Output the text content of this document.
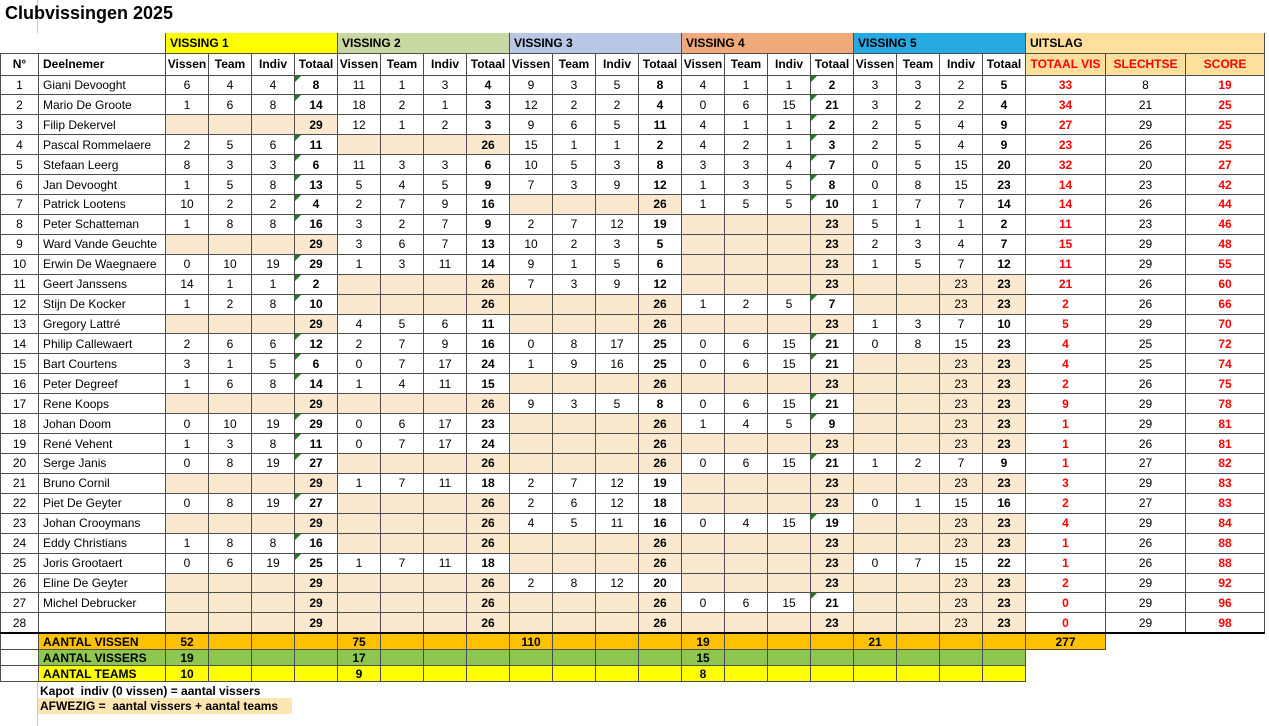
Clubvissingen 2025
		VISSING 1				VISSING 2				VISSING 3				VISSING 4				VISSING 5				UITSLAG		
N°	Deelnemer	Vissen	Team	Indiv	Totaal	Vissen	Team	Indiv	Totaal	Vissen	Team	Indiv	Totaal	Vissen	Team	Indiv	Totaal	Vissen	Team	Indiv	Totaal	TOTAAL VIS	SLECHTSE	SCORE
1	Giani Devooght	6	4	4	8	11	1	3	4	9	3	5	8	4	1	1	2	3	3	2	5	33	8	19
2	Mario De Groote	1	6	8	14	18	2	1	3	12	2	2	4	0	6	15	21	3	2	2	4	34	21	25
3	Filip Dekervel				29	12	1	2	3	9	6	5	11	4	1	1	2	2	5	4	9	27	29	25
4	Pascal Rommelaere	2	5	6	11				26	15	1	1	2	4	2	1	3	2	5	4	9	23	26	25
5	Stefaan Leerg	8	3	3	6	11	3	3	6	10	5	3	8	3	3	4	7	0	5	15	20	32	20	27
6	Jan Devooght	1	5	8	13	5	4	5	9	7	3	9	12	1	3	5	8	0	8	15	23	14	23	42
7	Patrick Lootens	10	2	2	4	2	7	9	16				26	1	5	5	10	1	7	7	14	14	26	44
8	Peter Schatteman	1	8	8	16	3	2	7	9	2	7	12	19				23	5	1	1	2	11	23	46
9	Ward Vande Geuchte				29	3	6	7	13	10	2	3	5				23	2	3	4	7	15	29	48
10	Erwin De Waegnaere	0	10	19	29	1	3	11	14	9	1	5	6				23	1	5	7	12	11	29	55
11	Geert Janssens	14	1	1	2				26	7	3	9	12				23			23	23	21	26	60
12	Stijn De Kocker	1	2	8	10				26				26	1	2	5	7			23	23	2	26	66
13	Gregory Lattré				29	4	5	6	11				26				23	1	3	7	10	5	29	70
14	Philip Callewaert	2	6	6	12	2	7	9	16	0	8	17	25	0	6	15	21	0	8	15	23	4	25	72
15	Bart Courtens	3	1	5	6	0	7	17	24	1	9	16	25	0	6	15	21			23	23	4	25	74
16	Peter Degreef	1	6	8	14	1	4	11	15				26				23			23	23	2	26	75
17	Rene Koops				29				26	9	3	5	8	0	6	15	21			23	23	9	29	78
18	Johan Doom	0	10	19	29	0	6	17	23				26	1	4	5	9			23	23	1	29	81
19	René Vehent	1	3	8	11	0	7	17	24				26				23			23	23	1	26	81
20	Serge Janis	0	8	19	27				26				26	0	6	15	21	1	2	7	9	1	27	82
21	Bruno Cornil				29	1	7	11	18	2	7	12	19				23			23	23	3	29	83
22	Piet De Geyter	0	8	19	27				26	2	6	12	18				23	0	1	15	16	2	27	83
23	Johan Crooymans				29				26	4	5	11	16	0	4	15	19			23	23	4	29	84
24	Eddy Christians	1	8	8	16				26				26				23			23	23	1	26	88
25	Joris Grootaert	0	6	19	25	1	7	11	18				26				23	0	7	15	22	1	26	88
26	Eline De Geyter				29				26	2	8	12	20				23			23	23	2	29	92
27	Michel Debrucker				29				26				26	0	6	15	21			23	23	0	29	96
28					29				26				26				23			23	23	0	29	98
	AANTAL VISSEN	52				75				110				19				21				277		
	AANTAL VISSERS	19				17								15										
	AANTAL TEAMS	10				9								8										
Kapot  indiv (0 vissen) = aantal vissers
AFWEZIG =  aantal vissers + aantal teams
